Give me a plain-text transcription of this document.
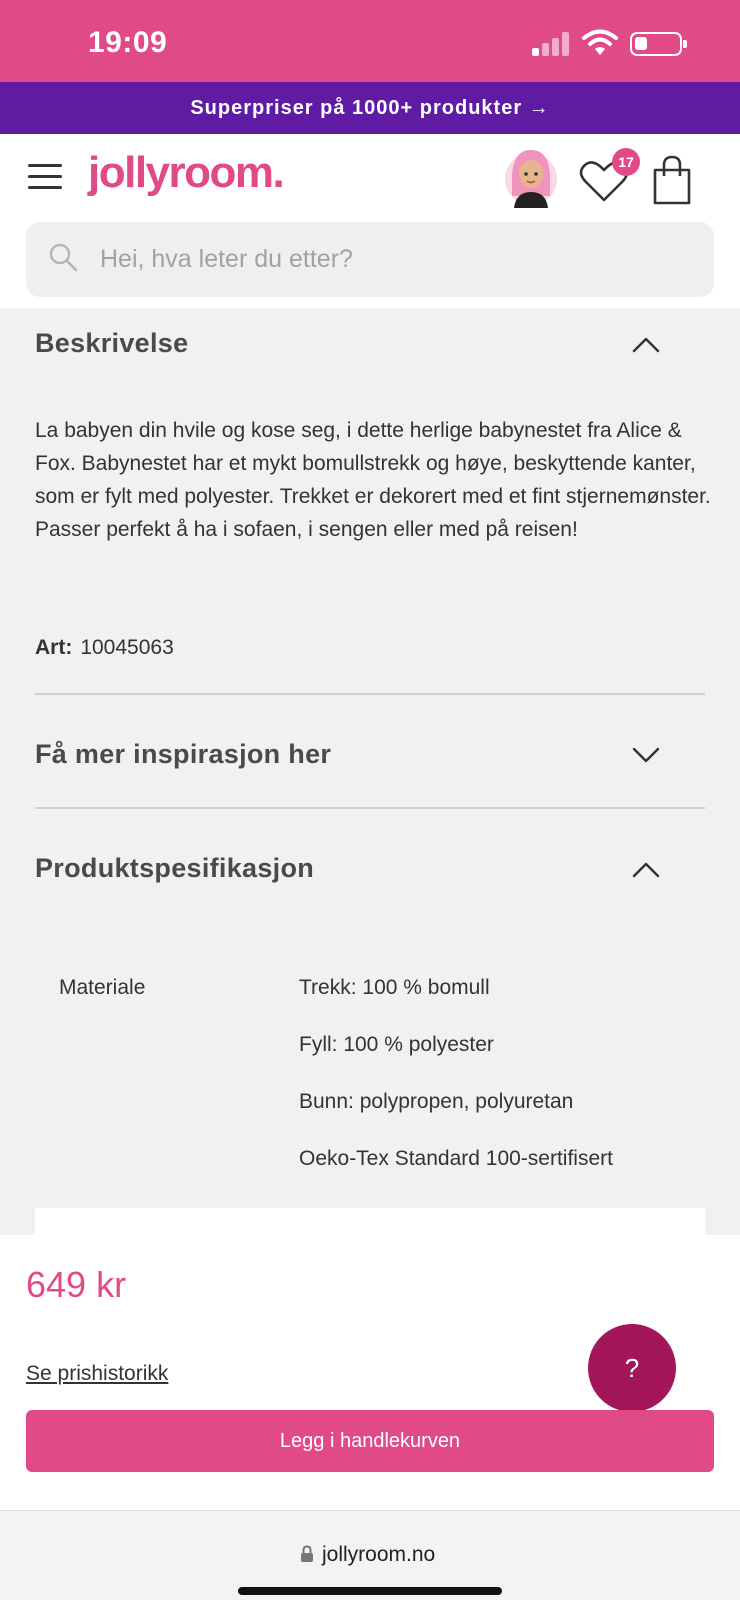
19:09
Superpriser på 1000+ produkter →
jollyroom.	17
Hei, hva leter du etter?
Beskrivelse
La babyen din hvile og kose seg, i dette herlige babynestet fra Alice & Fox. Babynestet har et mykt bomullstrekk og høye, beskyttende kanter, som er fylt med polyester. Trekket er dekorert med et fint stjernemønster. Passer perfekt å ha i sofaen, i sengen eller med på reisen!
Art: 10045063
Få mer inspirasjon her
Produktspesifikasjon
Materiale	Trekk: 100 % bomull
Fyll: 100 % polyester
Bunn: polypropen, polyuretan
Oeko-Tex Standard 100-sertifisert
649 kr
Se prishistorikk	?
Legg i handlekurven
jollyroom.no
